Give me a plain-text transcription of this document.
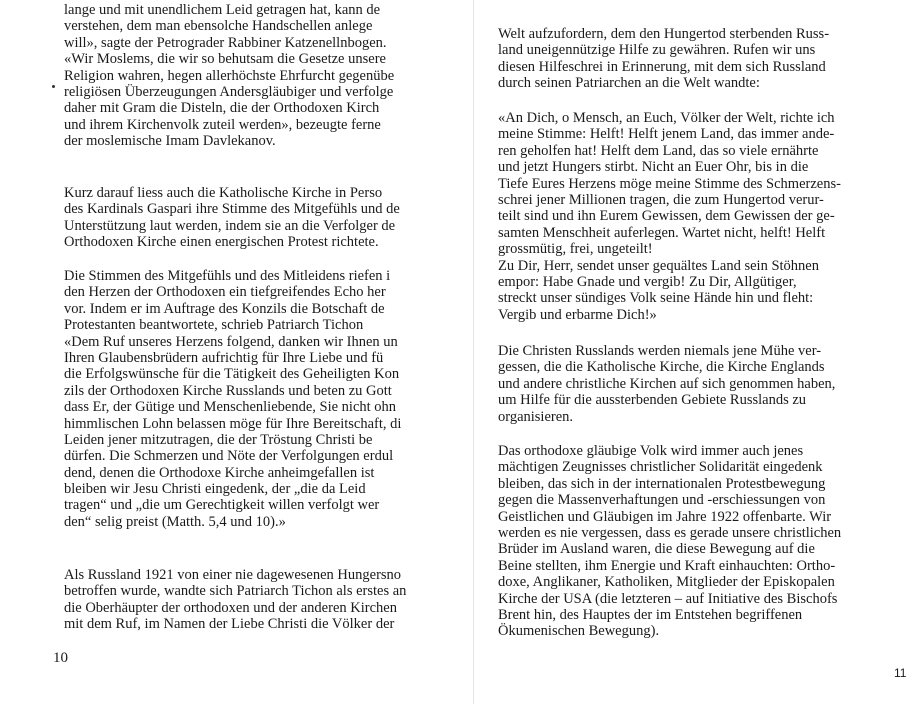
lange und mit unendlichem Leid getragen hat, kann de
verstehen, dem man ebensolche Handschellen anlege
will», sagte der Petrograder Rabbiner Katzenellnbogen.
«Wir Moslems, die wir so behutsam die Gesetze unsere
Religion wahren, hegen allerhöchste Ehrfurcht gegenübe
religiösen Überzeugungen Andersgläubiger und verfolge
daher mit Gram die Disteln, die der Orthodoxen Kirch
und ihrem Kirchenvolk zuteil werden», bezeugte ferne
der moslemische Imam Davlekanov.
Kurz darauf liess auch die Katholische Kirche in Perso
des Kardinals Gaspari ihre Stimme des Mitgefühls und de
Unterstützung laut werden, indem sie an die Verfolger de
Orthodoxen Kirche einen energischen Protest richtete.
Die Stimmen des Mitgefühls und des Mitleidens riefen i
den Herzen der Orthodoxen ein tiefgreifendes Echo her
vor. Indem er im Auftrage des Konzils die Botschaft de
Protestanten beantwortete, schrieb Patriarch Tichon
«Dem Ruf unseres Herzens folgend, danken wir Ihnen un
Ihren Glaubensbrüdern aufrichtig für Ihre Liebe und fü
die Erfolgswünsche für die Tätigkeit des Geheiligten Kon
zils der Orthodoxen Kirche Russlands und beten zu Gott
dass Er, der Gütige und Menschenliebende, Sie nicht ohn
himmlischen Lohn belassen möge für Ihre Bereitschaft, di
Leiden jener mitzutragen, die der Tröstung Christi be
dürfen. Die Schmerzen und Nöte der Verfolgungen erdul
dend, denen die Orthodoxe Kirche anheimgefallen ist
bleiben wir Jesu Christi eingedenk, der „die da Leid
tragen“ und „die um Gerechtigkeit willen verfolgt wer
den“ selig preist (Matth. 5,4 und 10).»
Als Russland 1921 von einer nie dagewesenen Hungersno
betroffen wurde, wandte sich Patriarch Tichon als erstes an
die Oberhäupter der orthodoxen und der anderen Kirchen
mit dem Ruf, im Namen der Liebe Christi die Völker der
10
Welt aufzufordern, dem den Hungertod sterbenden Russ-
land uneigennützige Hilfe zu gewähren. Rufen wir uns
diesen Hilfeschrei in Erinnerung, mit dem sich Russland
durch seinen Patriarchen an die Welt wandte:
«An Dich, o Mensch, an Euch, Völker der Welt, richte ich
meine Stimme: Helft! Helft jenem Land, das immer ande-
ren geholfen hat! Helft dem Land, das so viele ernährte
und jetzt Hungers stirbt. Nicht an Euer Ohr, bis in die
Tiefe Eures Herzens möge meine Stimme des Schmerzens-
schrei jener Millionen tragen, die zum Hungertod verur-
teilt sind und ihn Eurem Gewissen, dem Gewissen der ge-
samten Menschheit auferlegen. Wartet nicht, helft! Helft
grossmütig, frei, ungeteilt!
Zu Dir, Herr, sendet unser gequältes Land sein Stöhnen
empor: Habe Gnade und vergib! Zu Dir, Allgütiger,
streckt unser sündiges Volk seine Hände hin und fleht:
Vergib und erbarme Dich!»
Die Christen Russlands werden niemals jene Mühe ver-
gessen, die die Katholische Kirche, die Kirche Englands
und andere christliche Kirchen auf sich genommen haben,
um Hilfe für die aussterbenden Gebiete Russlands zu
organisieren.
Das orthodoxe gläubige Volk wird immer auch jenes
mächtigen Zeugnisses christlicher Solidarität eingedenk
bleiben, das sich in der internationalen Protestbewegung
gegen die Massenverhaftungen und -erschiessungen von
Geistlichen und Gläubigen im Jahre 1922 offenbarte. Wir
werden es nie vergessen, dass es gerade unsere christlichen
Brüder im Ausland waren, die diese Bewegung auf die
Beine stellten, ihm Energie und Kraft einhauchten: Ortho-
doxe, Anglikaner, Katholiken, Mitglieder der Episkopalen
Kirche der USA (die letzteren – auf Initiative des Bischofs
Brent hin, des Hauptes der im Entstehen begriffenen
Ökumenischen Bewegung).
11
